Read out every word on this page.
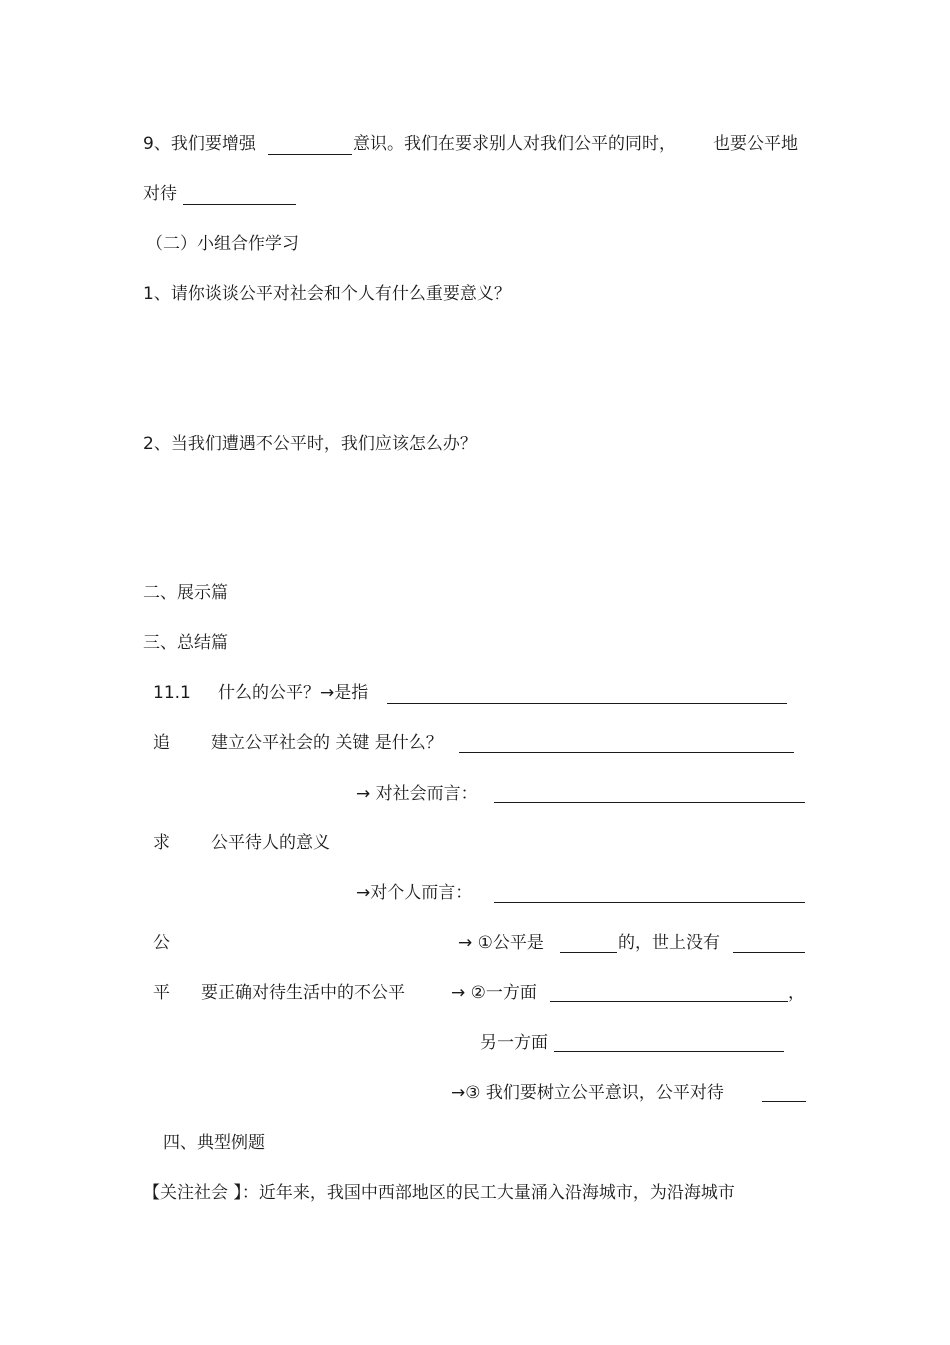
9、我们要增强	意识。我们在要求别人对我们公平的同时， 也要公平地
对待
（二）小组合作学习
1、请你谈谈公平对社会和个人有什么重要意义？
2、当我们遭遇不公平时，我们应该怎么办？
二、展示篇
三、总结篇
11.1 什么的公平？→是指
追 建立公平社会的 关键 是什么？
→ 对社会而言：
求 公平待人的意义
→对个人而言：
公	→ ①公平是	的，世上没有
平 要正确对待生活中的不公平	→ ②一方面	，
另一方面
→③ 我们要树立公平意识，公平对待
四、典型例题
【关注社会 】：近年来，我国中西部地区的民工大量涌入沿海城市，为沿海城市
